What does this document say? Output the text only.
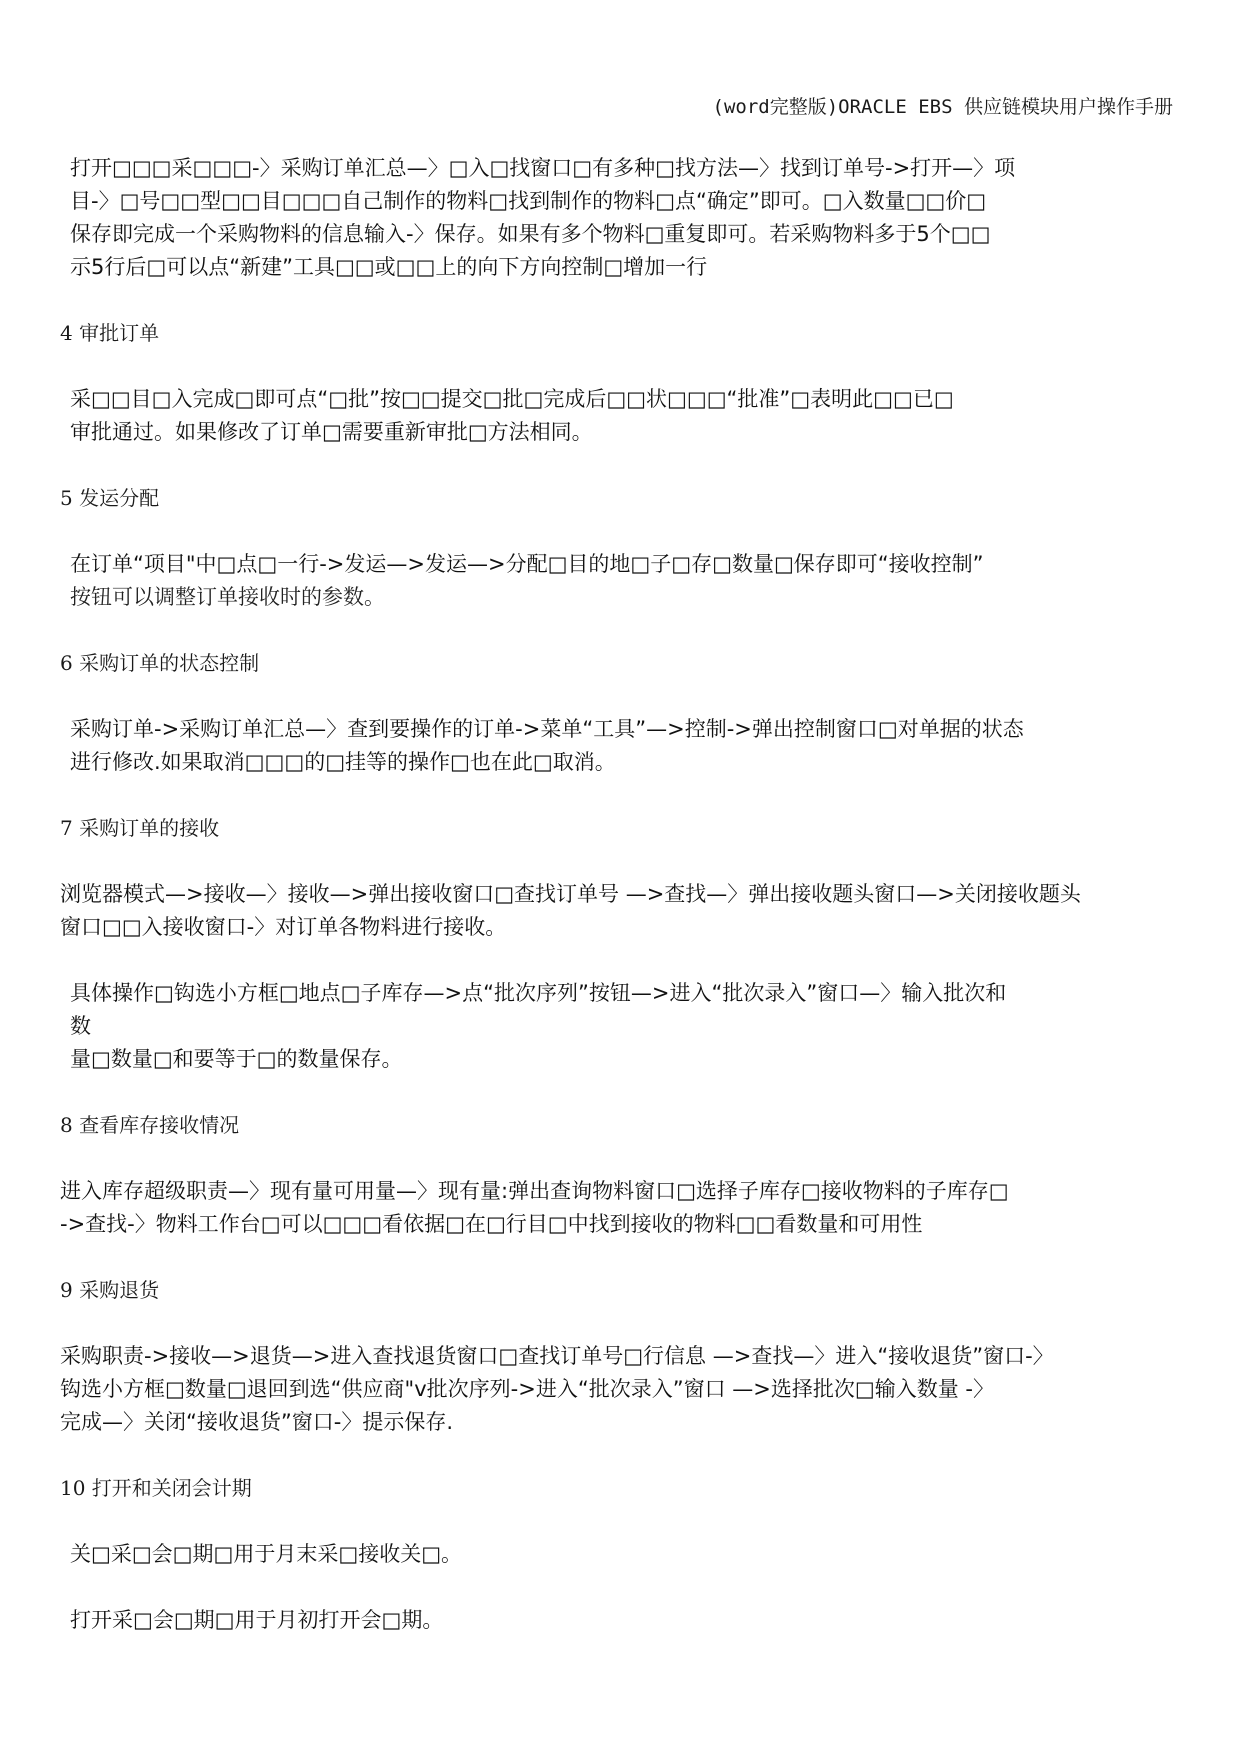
(word完整版)ORACLE EBS 供应链模块用户操作手册
打开□□□采□□□-〉采购订单汇总—〉□入□找窗口□有多种□找方法—〉找到订单号->打开—〉项
目-〉□号□□型□□目□□□自己制作的物料□找到制作的物料□点“确定”即可。□入数量□□价□
保存即完成一个采购物料的信息输入-〉保存。如果有多个物料□重复即可。若采购物料多于5个□□
示5行后□可以点“新建”工具□□或□□上的向下方向控制□增加一行
4 审批订单
采□□目□入完成□即可点“□批”按□□提交□批□完成后□□状□□□“批准”□表明此□□已□
审批通过。如果修改了订单□需要重新审批□方法相同。
5 发运分配
在订单“项目"中□点□一行->发运—>发运—>分配□目的地□子□存□数量□保存即可“接收控制”
按钮可以调整订单接收时的参数。
6 采购订单的状态控制
采购订单->采购订单汇总—〉查到要操作的订单->菜单“工具”—>控制->弹出控制窗口□对单据的状态
进行修改.如果取消□□□的□挂等的操作□也在此□取消。
7 采购订单的接收
浏览器模式—>接收—〉接收—>弹出接收窗口□查找订单号 —>查找—〉弹出接收题头窗口—>关闭接收题头
窗口□□入接收窗口-〉对订单各物料进行接收。
具体操作□钩选小方框□地点□子库存—>点“批次序列”按钮—>进入“批次录入”窗口—〉输入批次和
数
量□数量□和要等于□的数量保存。
8 查看库存接收情况
进入库存超级职责—〉现有量可用量—〉现有量:弹出查询物料窗口□选择子库存□接收物料的子库存□
->查找-〉物料工作台□可以□□□看依据□在□行目□中找到接收的物料□□看数量和可用性
9 采购退货
采购职责->接收—>退货—>进入查找退货窗口□查找订单号□行信息 —>查找—〉进入“接收退货”窗口-〉
钩选小方框□数量□退回到选“供应商"v批次序列->进入“批次录入”窗口 —>选择批次□输入数量 -〉
完成—〉关闭“接收退货”窗口-〉提示保存.
10 打开和关闭会计期
关□采□会□期□用于月末采□接收关□。
打开采□会□期□用于月初打开会□期。
